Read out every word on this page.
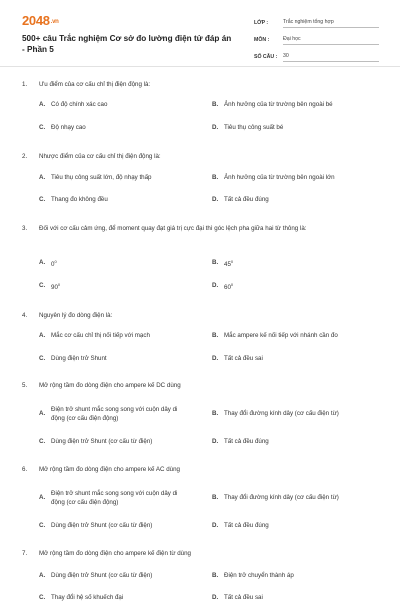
2048.vn
500+ câu Trắc nghiệm Cơ sở đo lường điện tử đáp án - Phần 5
LỚP :	Trắc nghiệm tổng hợp
MÔN :	Đại học
SỐ CÂU :	30
1.	Ưu điểm của cơ cấu chỉ thị điện động là:
A. Có độ chính xác cao	B. Ảnh hưởng của từ trường bên ngoài bé
C. Độ nhạy cao	D. Tiêu thụ công suất bé
2.	Nhược điểm của cơ cấu chỉ thị điện động là:
A. Tiêu thụ công suất lớn, độ nhạy thấp	B. Ảnh hưởng của từ trường bên ngoài lớn
C. Thang đo không đều	D. Tất cả đều đúng
3.	Đối với cơ cấu cảm ứng, để moment quay đạt giá trị cực đại thì góc lệch pha giữa hai từ thông là:
A. $0^0$	B. $45^0$
C. $90^0$	D. $60^0$
4.	Nguyên lý đo dòng điện là:
A. Mắc cơ cấu chỉ thị nối tiếp với mạch	B. Mắc ampere kế nối tiếp với nhánh cần đo
C. Dùng điện trở Shunt	D. Tất cả đều sai
5.	Mở rộng tầm đo dòng điện cho ampere kế DC dùng
A.
Điện trở shunt mắc song song với cuộn dây di động (cơ cấu điện động)
B. Thay đổi đường kính dây (cơ cấu điện từ)
C. Dùng điện trở Shunt (cơ cấu từ điện)	D. Tất cả đều đúng
6.	Mở rộng tầm đo dòng điện cho ampere kế AC dùng
A.
Điện trở shunt mắc song song với cuộn dây di động (cơ cấu điện động)
B. Thay đổi đường kính dây (cơ cấu điện từ)
C. Dùng điện trở Shunt (cơ cấu từ điện)	D. Tất cả đều đúng
7.	Mở rộng tầm đo dòng điện cho ampere kế điện từ dùng
A. Dùng điện trở Shunt (cơ cấu từ điện)	B. Điện trở chuyển thành áp
C. Thay đổi hệ số khuếch đại	D. Tất cả đều sai
